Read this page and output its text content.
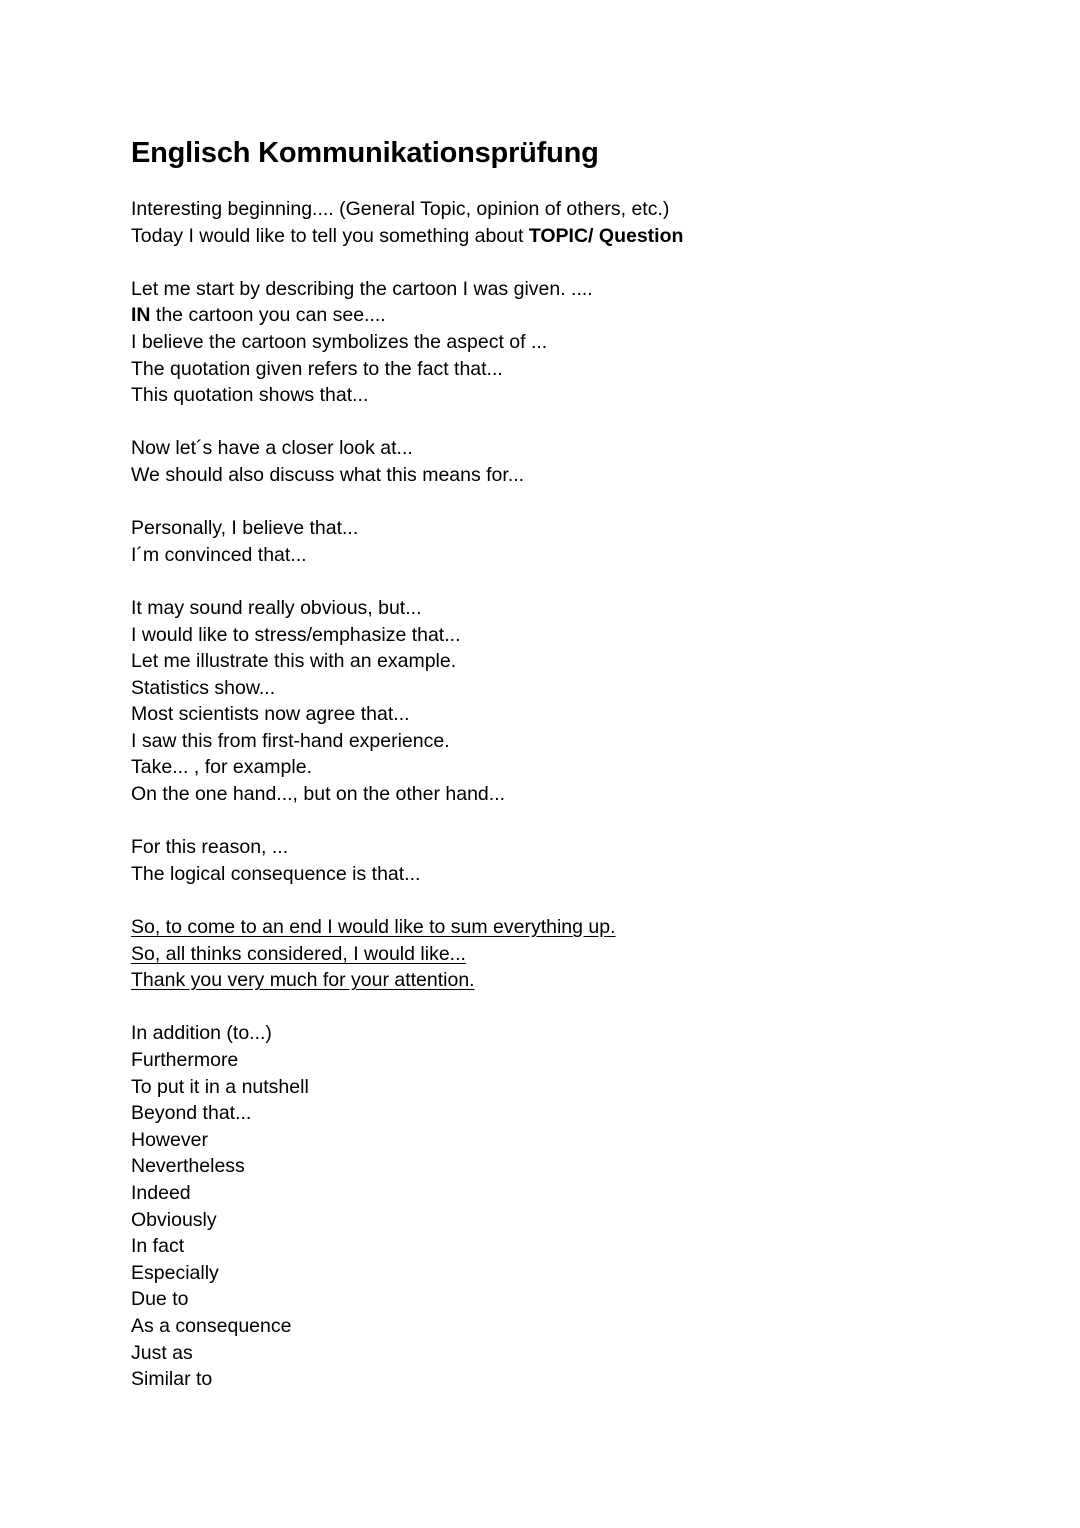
Englisch Kommunikationsprüfung
Interesting beginning.... (General Topic, opinion of others, etc.)
Today I would like to tell you something about TOPIC/ Question
Let me start by describing the cartoon I was given. ....
IN the cartoon you can see....
I believe the cartoon symbolizes the aspect of ...
The quotation given refers to the fact that...
This quotation shows that...
Now let´s have a closer look at...
We should also discuss what this means for...
Personally, I believe that...
I´m convinced that...
It may sound really obvious, but...
I would like to stress/emphasize that...
Let me illustrate this with an example.
Statistics show...
Most scientists now agree that...
I saw this from first-hand experience.
Take... , for example.
On the one hand..., but on the other hand...
For this reason, ...
The logical consequence is that...
So, to come to an end I would like to sum everything up.
So, all thinks considered, I would like...
Thank you very much for your attention.
In addition (to...)
Furthermore
To put it in a nutshell
Beyond that...
However
Nevertheless
Indeed
Obviously
In fact
Especially
Due to
As a consequence
Just as
Similar to
